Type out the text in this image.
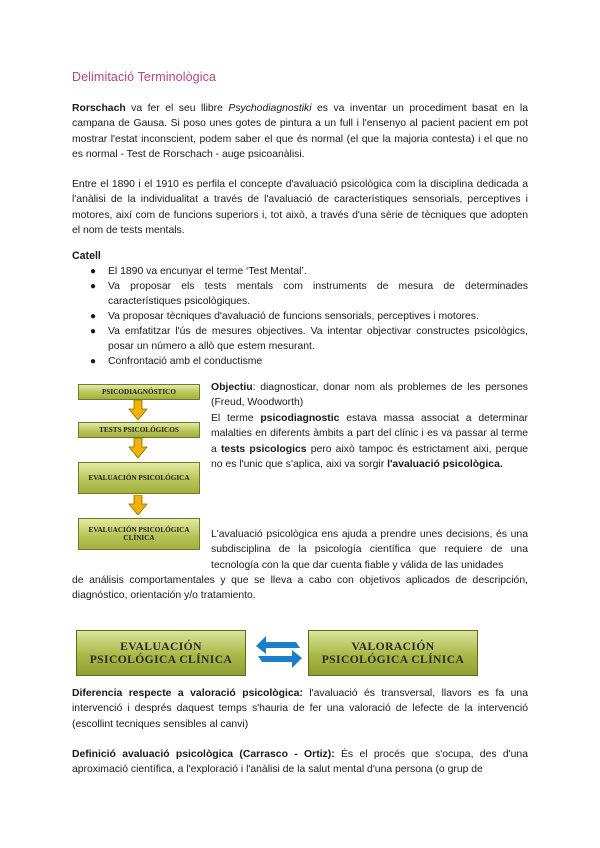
Delimitació Terminològica
Rorschach va fer el seu llibre Psychodiagnostiki es va inventar un procediment basat en la campana de Gausa. Si poso unes gotes de pintura a un full i l'ensenyo al pacient pacient em pot mostrar l'estat inconscient, podem saber el que és normal (el que la majoria contesta) i el que no es normal - Test de Rorschach - auge psicoanàlisi.
Entre el 1890 i el 1910 es perfila el concepte d'avaluació psicològica com la disciplina dedicada a l'anàlisi de la individualitat a través de l'avaluació de característiques sensorials, perceptives i motores, així com de funcions superiors i, tot això, a través d'una sèrie de tècniques que adopten el nom de tests mentals.
Catell
● El 1890 va encunyar el terme ‘Test Mental’.
● Va proposar els tests mentals com instruments de mesura de determinades característiques psicològiques.
● Va proposar tècniques d'avaluació de funcions sensorials, perceptives i motores.
● Va emfatitzar l'ús de mesures objectives. Va intentar objectivar constructes psicològics, posar un número a allò que estem mesurant.
● Confrontació amb el conductisme
PSICODIAGNÓSTICO
TESTS PSICOLÓGICOS
EVALUACIÓN PSICOLÓGICA
EVALUACIÓN PSICOLÓGICA CLÍNICA
Objectiu: diagnosticar, donar nom als problemes de les persones (Freud, Woodworth)
El terme psicodiagnostic estava massa associat a determinar malalties en diferents àmbits a part del clínic i es va passar al terme a tests psicologics pero això tampoc és estrictament aixi, perque no es l'unic que s'aplica, aixi va sorgir l'avaluació psicològica.
L'avaluació psicològica ens ajuda a prendre unes decisions, és una subdisciplina de la psicología científica que requiere de una tecnología con la que dar cuenta fiable y válida de las unidades
de análisis comportamentales y que se lleva a cabo con objetivos aplicados de descripción, diagnóstico, orientación y/o tratamiento.
EVALUACIÓN PSICOLÓGICA CLÍNICA
VALORACIÓN PSICOLÓGICA CLÍNICA
Diferencia respecte a valoració psicològica: l'avaluació és transversal, llavors es fa una intervenció i després daquest temps s'hauria de fer una valoració de lefecte de la intervenció (escollint tecniques sensibles al canvi)
Definició avaluació psicològica (Carrasco - Ortiz): És el procés que s'ocupa, des d'una aproximació científica, a l'exploració i l'anàlisi de la salut mental d'una persona (o grup de
